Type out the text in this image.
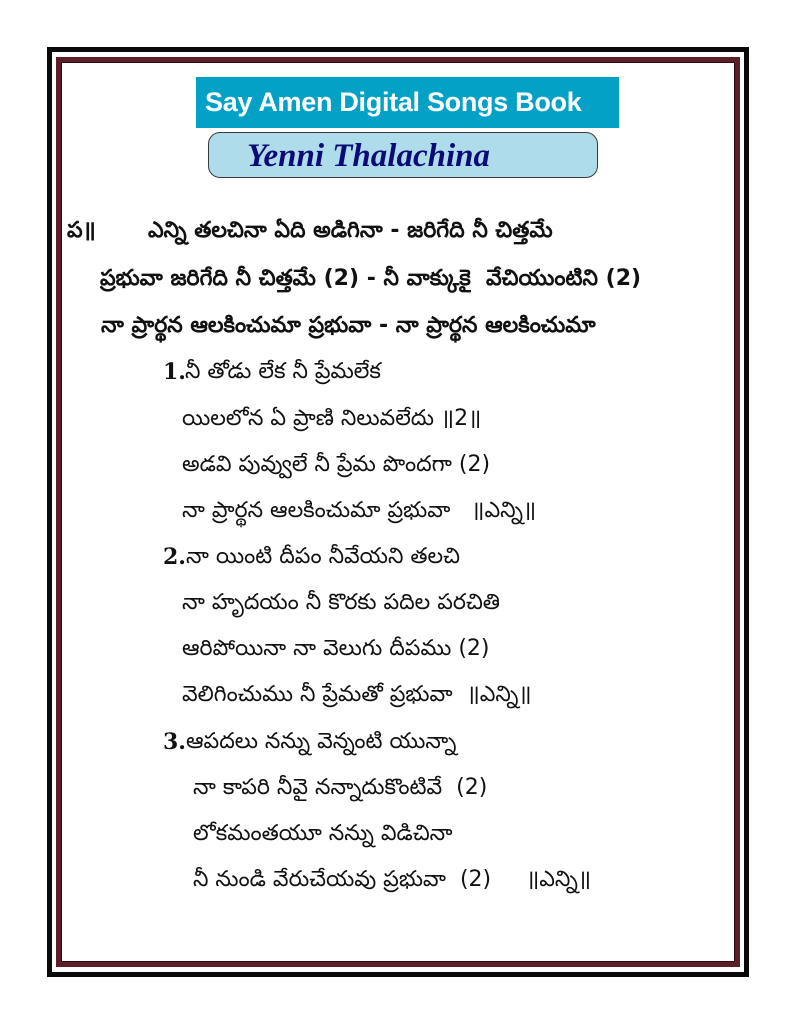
Say Amen Digital Songs Book
Yenni Thalachina
ప॥ ఎన్ని తలచినా ఏది అడిగినా - జరిగేది నీ చిత్తమే
ప్రభువా జరిగేది నీ చిత్తమే (2) - నీ వాక్కుకై  వేచియుంటిని (2)
నా ప్రార్థన ఆలకించుమా ప్రభువా - నా ప్రార్థన ఆలకించుమా
1. నీ తోడు లేక నీ ప్రేమలేక
యిలలోన ఏ ప్రాణి నిలువలేదు ॥2॥
అడవి పువ్వులే నీ ప్రేమ పొందగా (2)
నా ప్రార్థన ఆలకించుమా ప్రభువా   ॥ఎన్ని॥
2. నా యింటి దీపం నీవేయని తలచి
నా హృదయం నీ కొరకు పదిల పరచితి
ఆరిపోయినా నా వెలుగు దీపము (2)
వెలిగించుము నీ ప్రేమతో ప్రభువా  ॥ఎన్ని॥
3. ఆపదలు నన్ను వెన్నంటి యున్నా
నా కాపరి నీవై నన్నాదుకొంటివే  (2)
లోకమంతయూ నన్ను విడిచినా
నీ నుండి వేరుచేయవు ప్రభువా  (2)     ॥ఎన్ని॥
